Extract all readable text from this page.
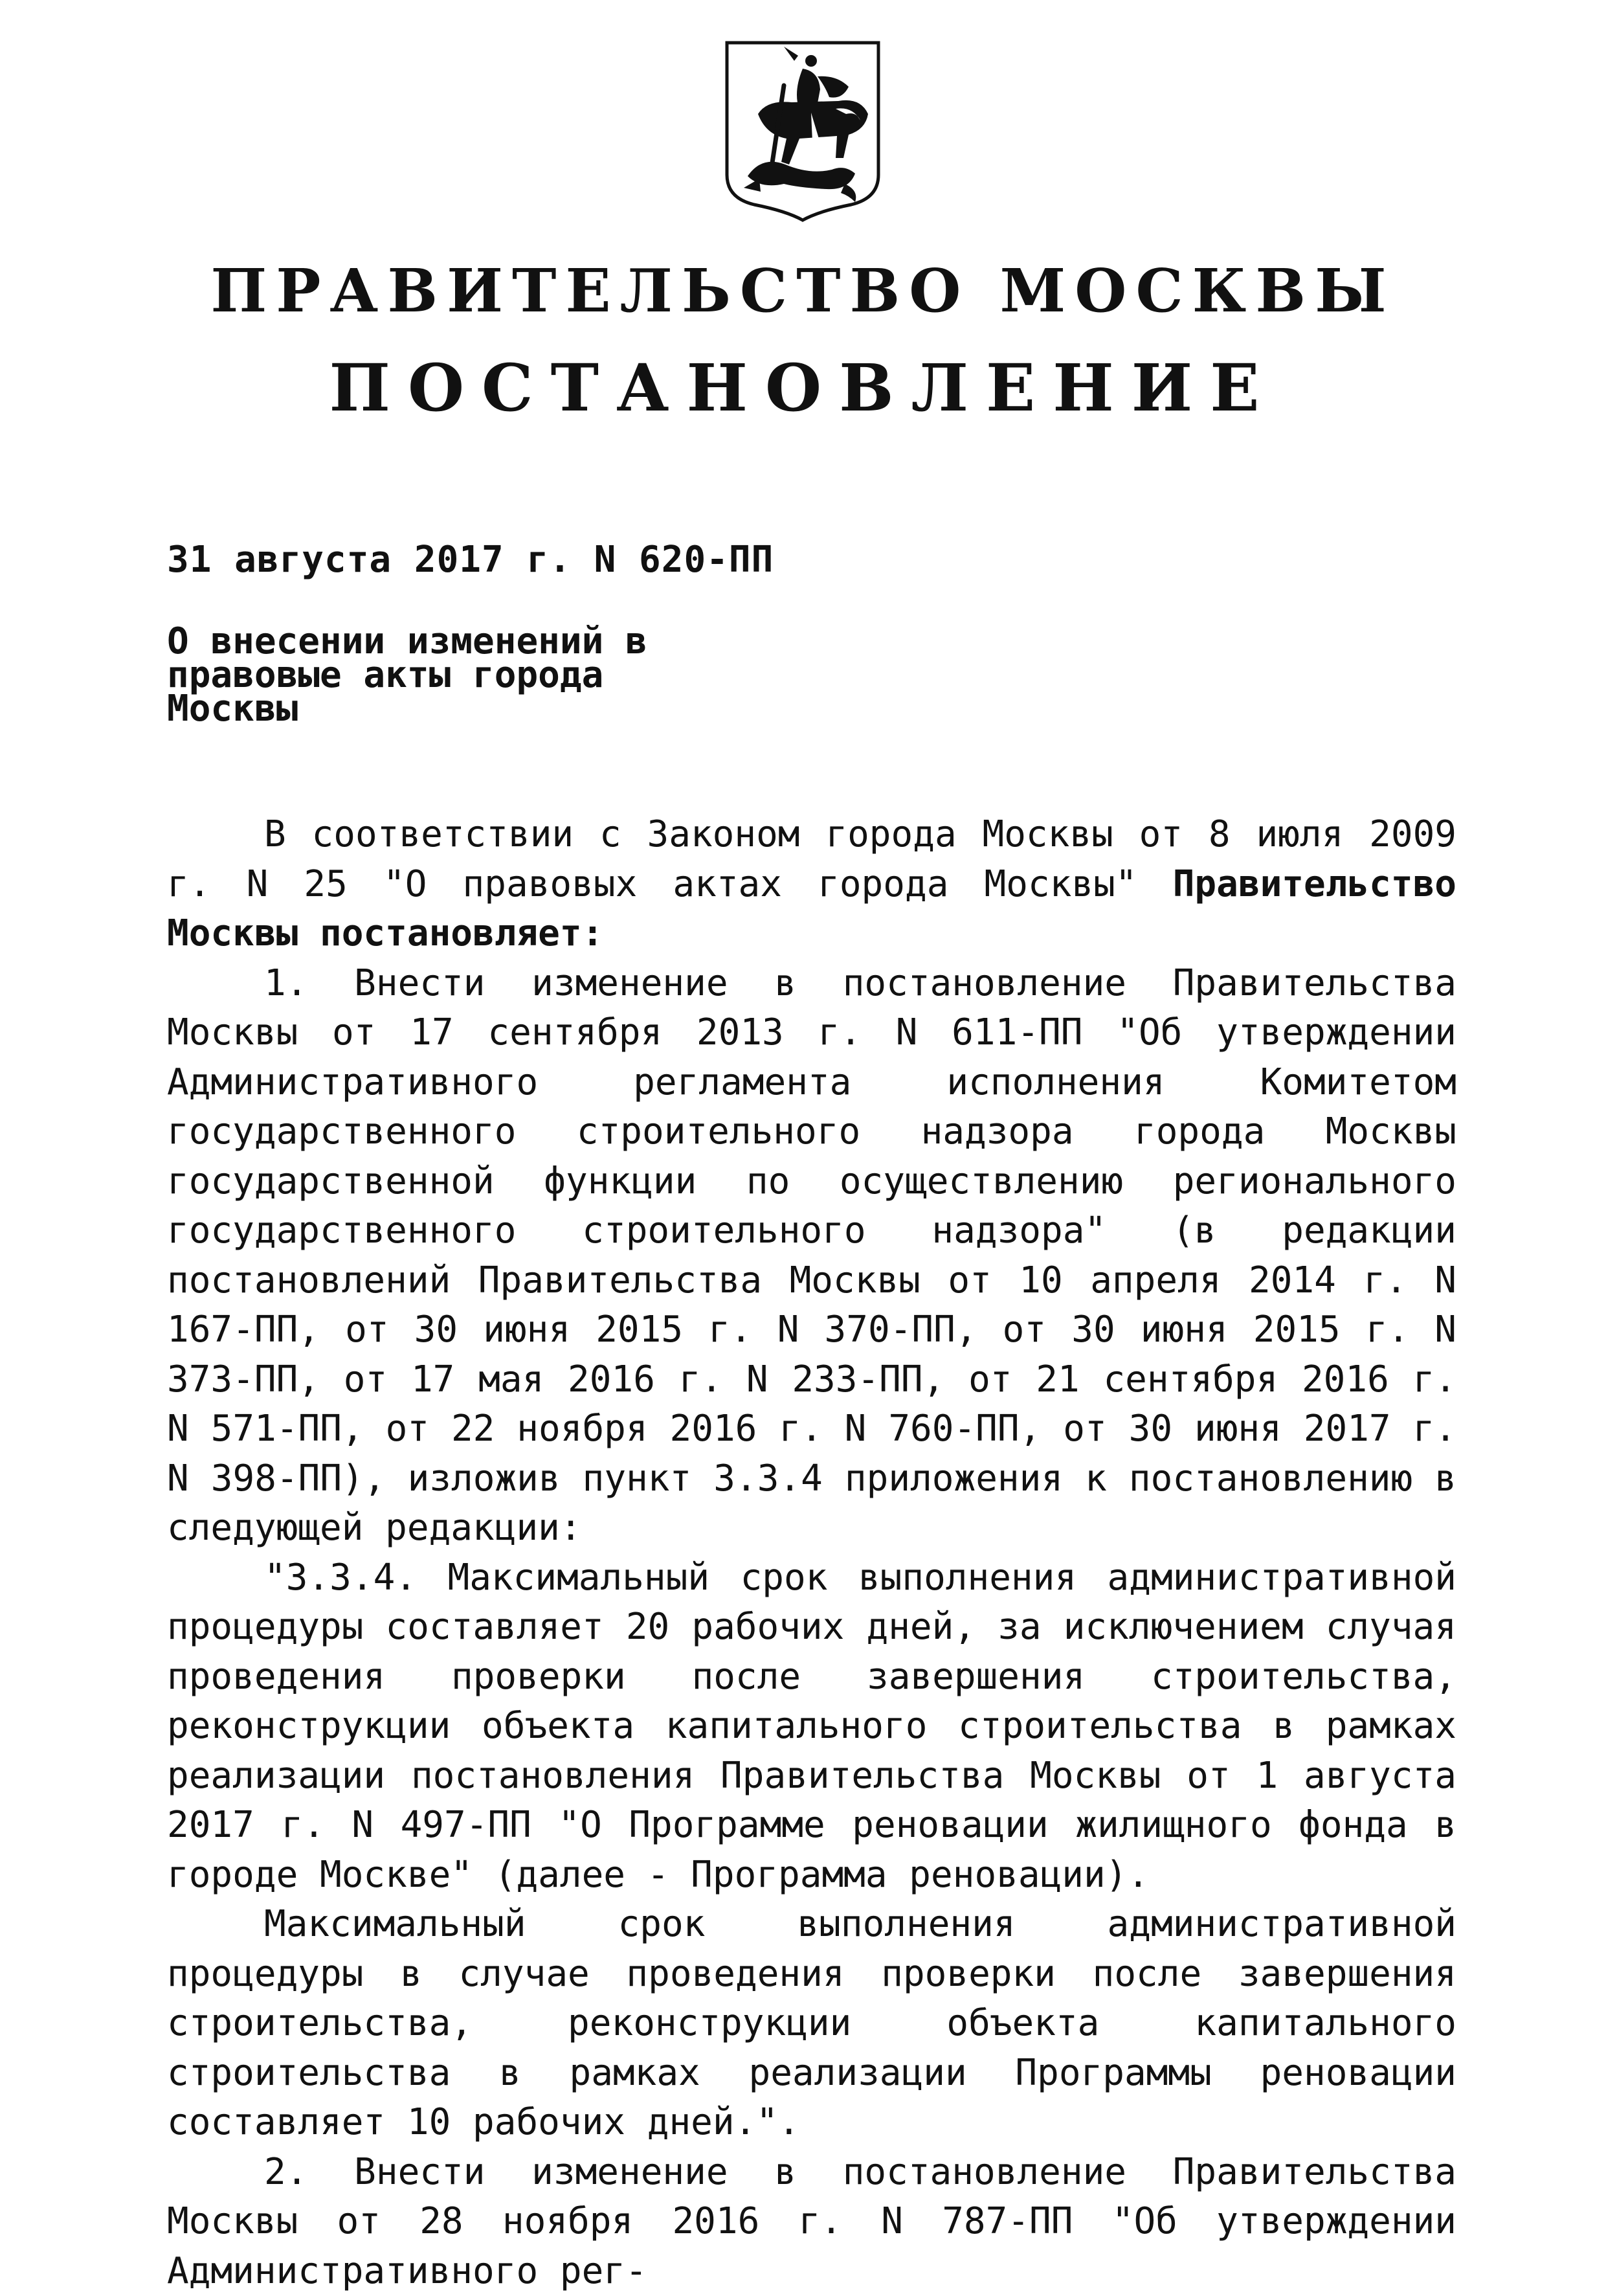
ПРАВИТЕЛЬСТВО МОСКВЫ
ПОСТАНОВЛЕНИЕ

31 августа 2017 г. N 620-ПП

О внесении изменений в
правовые акты города
Москвы

В соответствии с Законом города Москвы от 8 июля 2009 г. N 25 "О правовых актах города Москвы" Правительство Москвы постановляет:

1. Внести изменение в постановление Правительства Москвы от 17 сентября 2013 г. N 611-ПП "Об утверждении Административного регламента исполнения Комитетом государственного строительного надзора города Москвы государственной функции по осуществлению регионального государственного строительного надзора" (в редакции постановлений Правительства Москвы от 10 апреля 2014 г. N 167-ПП, от 30 июня 2015 г. N 370-ПП, от 30 июня 2015 г. N 373-ПП, от 17 мая 2016 г. N 233-ПП, от 21 сентября 2016 г. N 571-ПП, от 22 ноября 2016 г. N 760-ПП, от 30 июня 2017 г. N 398-ПП), изложив пункт 3.3.4 приложения к постановлению в следующей редакции:

"3.3.4. Максимальный срок выполнения административной процедуры составляет 20 рабочих дней, за исключением случая проведения проверки после завершения строительства, реконструкции объекта капитального строительства в рамках реализации постановления Правительства Москвы от 1 августа 2017 г. N 497-ПП "О Программе реновации жилищного фонда в городе Москве" (далее - Программа реновации).

Максимальный срок выполнения административной процедуры в случае проведения проверки после завершения строительства, реконструкции объекта капитального строительства в рамках реализации Программы реновации составляет 10 рабочих дней.".

2. Внести изменение в постановление Правительства Москвы от 28 ноября 2016 г. N 787-ПП "Об утверждении Административного рег-
